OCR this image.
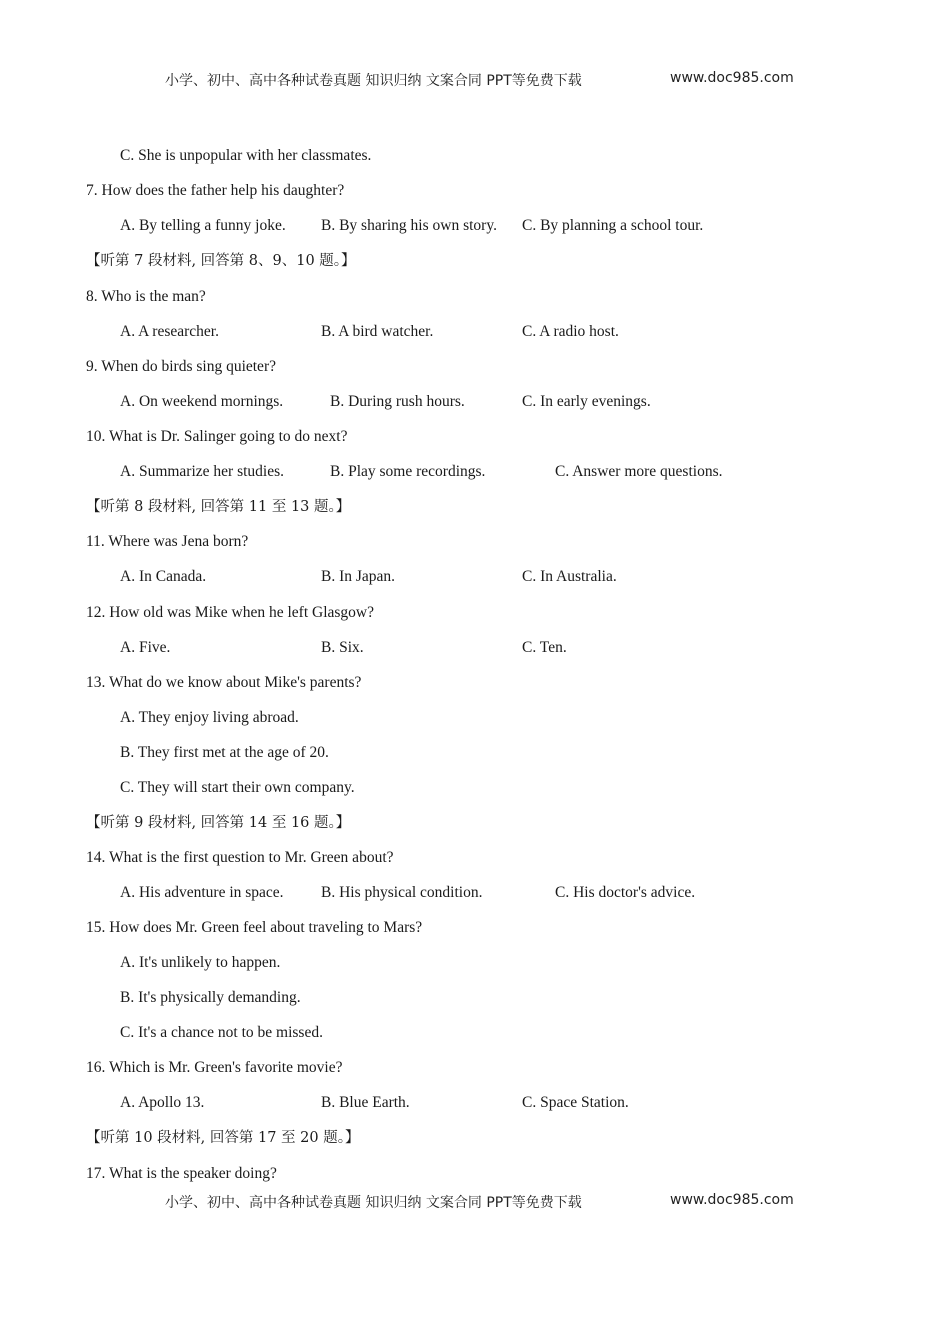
小学、初中、高中各种试卷真题 知识归纳 文案合同 PPT等免费下载	www.doc985.com
C. She is unpopular with her classmates.
7. How does the father help his daughter?
A. By telling a funny joke. B. By sharing his own story. C. By planning a school tour.
【听第 7 段材料, 回答第 8、9、10 题。】
8. Who is the man?
A. A researcher.	B. A bird watcher.	C. A radio host.
9. When do birds sing quieter?
A. On weekend mornings.	B. During rush hours.	C. In early evenings.
10. What is Dr. Salinger going to do next?
A. Summarize her studies.	B. Play some recordings.	C. Answer more questions.
【听第 8 段材料, 回答第 11 至 13 题。】
11. Where was Jena born?
A. In Canada.	B. In Japan.	C. In Australia.
12. How old was Mike when he left Glasgow?
A. Five.	B. Six.	C. Ten.
13. What do we know about Mike's parents?
A. They enjoy living abroad.
B. They first met at the age of 20.
C. They will start their own company.
【听第 9 段材料, 回答第 14 至 16 题。】
14. What is the first question to Mr. Green about?
A. His adventure in space. B. His physical condition.	C. His doctor's advice.
15. How does Mr. Green feel about traveling to Mars?
A. It's unlikely to happen.
B. It's physically demanding.
C. It's a chance not to be missed.
16. Which is Mr. Green's favorite movie?
A. Apollo 13.	B. Blue Earth.	C. Space Station.
【听第 10 段材料, 回答第 17 至 20 题。】
17. What is the speaker doing?
小学、初中、高中各种试卷真题 知识归纳 文案合同 PPT等免费下载	www.doc985.com
